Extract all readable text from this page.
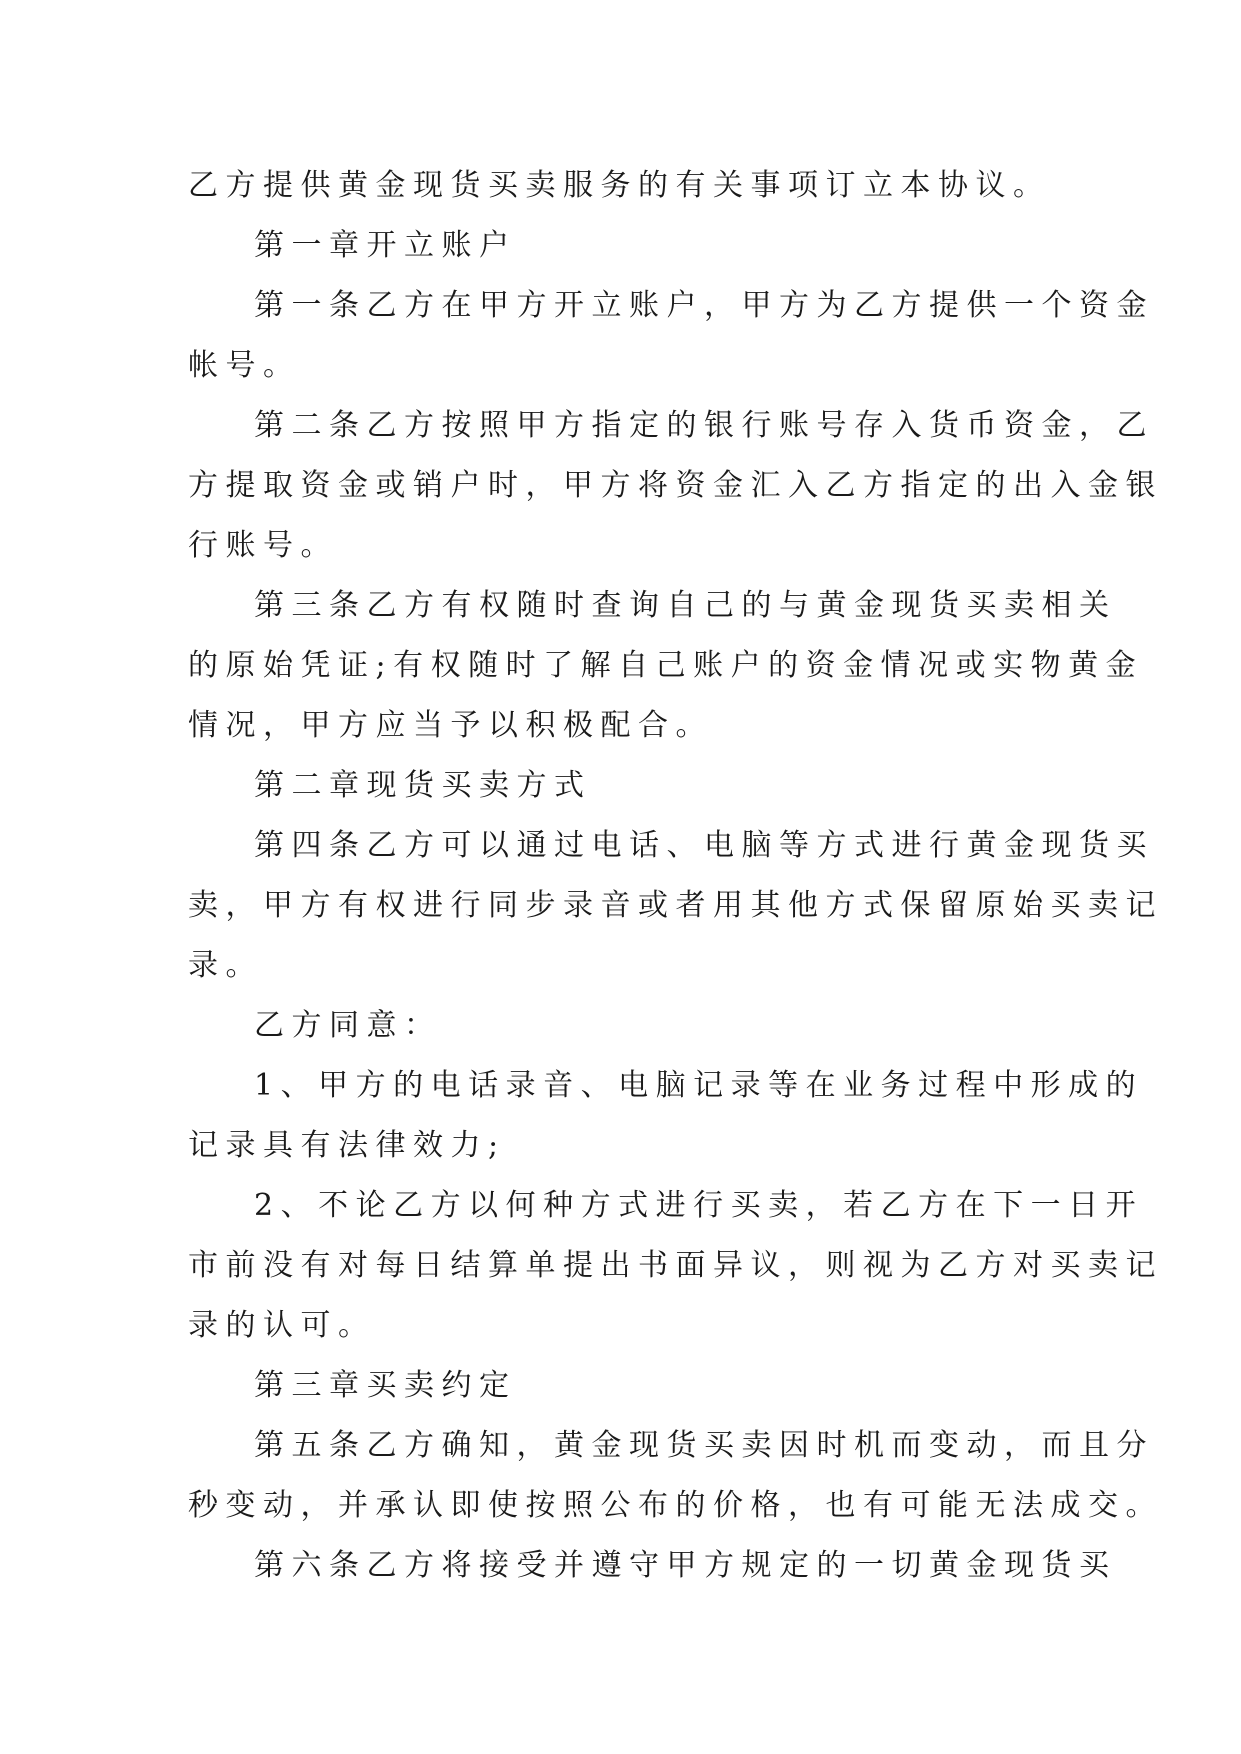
乙方提供黄金现货买卖服务的有关事项订立本协议。
第一章开立账户
第一条乙方在甲方开立账户，甲方为乙方提供一个资金
帐号。
第二条乙方按照甲方指定的银行账号存入货币资金，乙
方提取资金或销户时，甲方将资金汇入乙方指定的出入金银
行账号。
第三条乙方有权随时查询自己的与黄金现货买卖相关
的原始凭证;有权随时了解自己账户的资金情况或实物黄金
情况，甲方应当予以积极配合。
第二章现货买卖方式
第四条乙方可以通过电话、电脑等方式进行黄金现货买
卖，甲方有权进行同步录音或者用其他方式保留原始买卖记
录。
乙方同意：
1、甲方的电话录音、电脑记录等在业务过程中形成的
记录具有法律效力;
2、不论乙方以何种方式进行买卖，若乙方在下一日开
市前没有对每日结算单提出书面异议，则视为乙方对买卖记
录的认可。
第三章买卖约定
第五条乙方确知，黄金现货买卖因时机而变动，而且分
秒变动，并承认即使按照公布的价格，也有可能无法成交。
第六条乙方将接受并遵守甲方规定的一切黄金现货买
